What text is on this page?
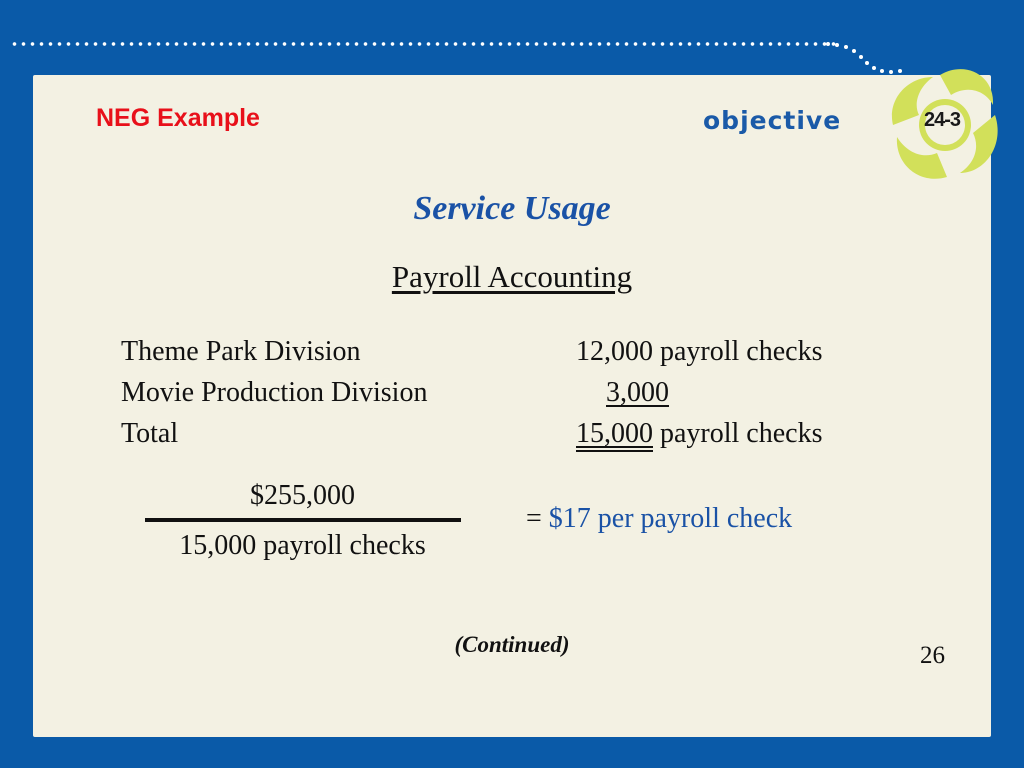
NEG Example	objective	24-3
Service Usage
Payroll Accounting
Theme Park Division	12,000 payroll checks
Movie Production Division	3,000
Total	15,000 payroll checks
$255,000
15,000 payroll checks
= $17 per payroll check
(Continued)	26
